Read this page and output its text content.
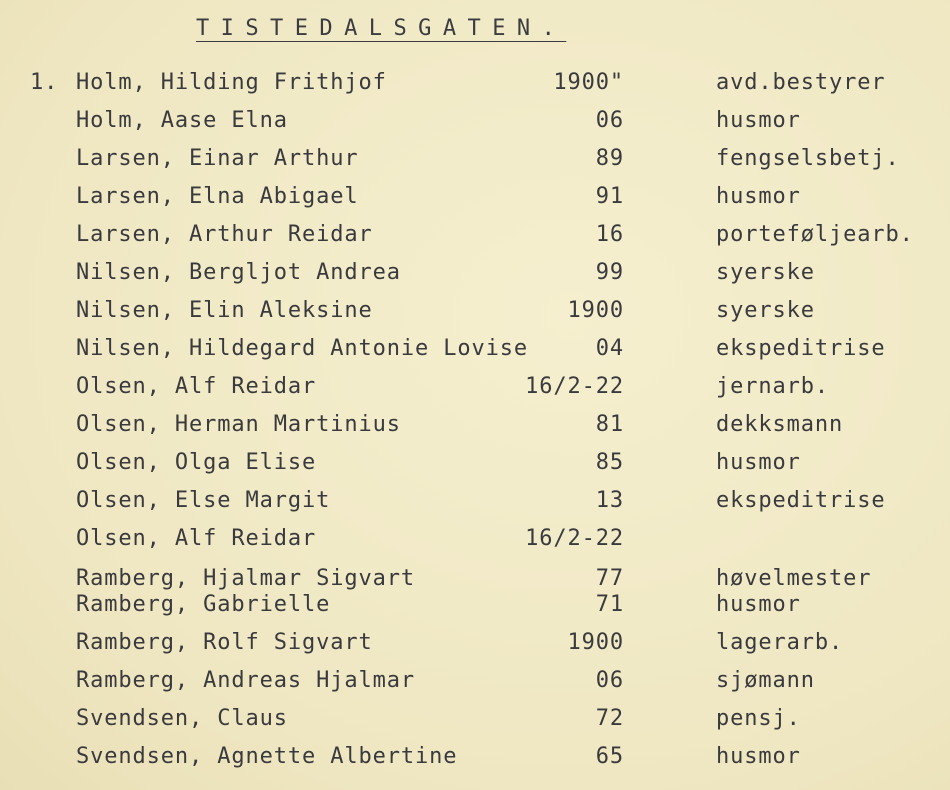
TISTEDALSGATEN.
1. Holm, Hilding Frithjof	1900"	avd.bestyrer
Holm, Aase Elna	06	husmor
Larsen, Einar Arthur	89	fengselsbetj.
Larsen, Elna Abigael	91	husmor
Larsen, Arthur Reidar	16	porteføljearb.
Nilsen, Bergljot Andrea	99	syerske
Nilsen, Elin Aleksine	1900	syerske
Nilsen, Hildegard Antonie Lovise	04	ekspeditrise
Olsen, Alf Reidar	16/2-22	jernarb.
Olsen, Herman Martinius	81	dekksmann
Olsen, Olga Elise	85	husmor
Olsen, Else Margit	13	ekspeditrise
Olsen, Alf Reidar	16/2-22
Ramberg, Hjalmar Sigvart	77	høvelmester
Ramberg, Gabrielle	71	husmor
Ramberg, Rolf Sigvart	1900	lagerarb.
Ramberg, Andreas Hjalmar	06	sjømann
Svendsen, Claus	72	pensj.
Svendsen, Agnette Albertine	65	husmor
